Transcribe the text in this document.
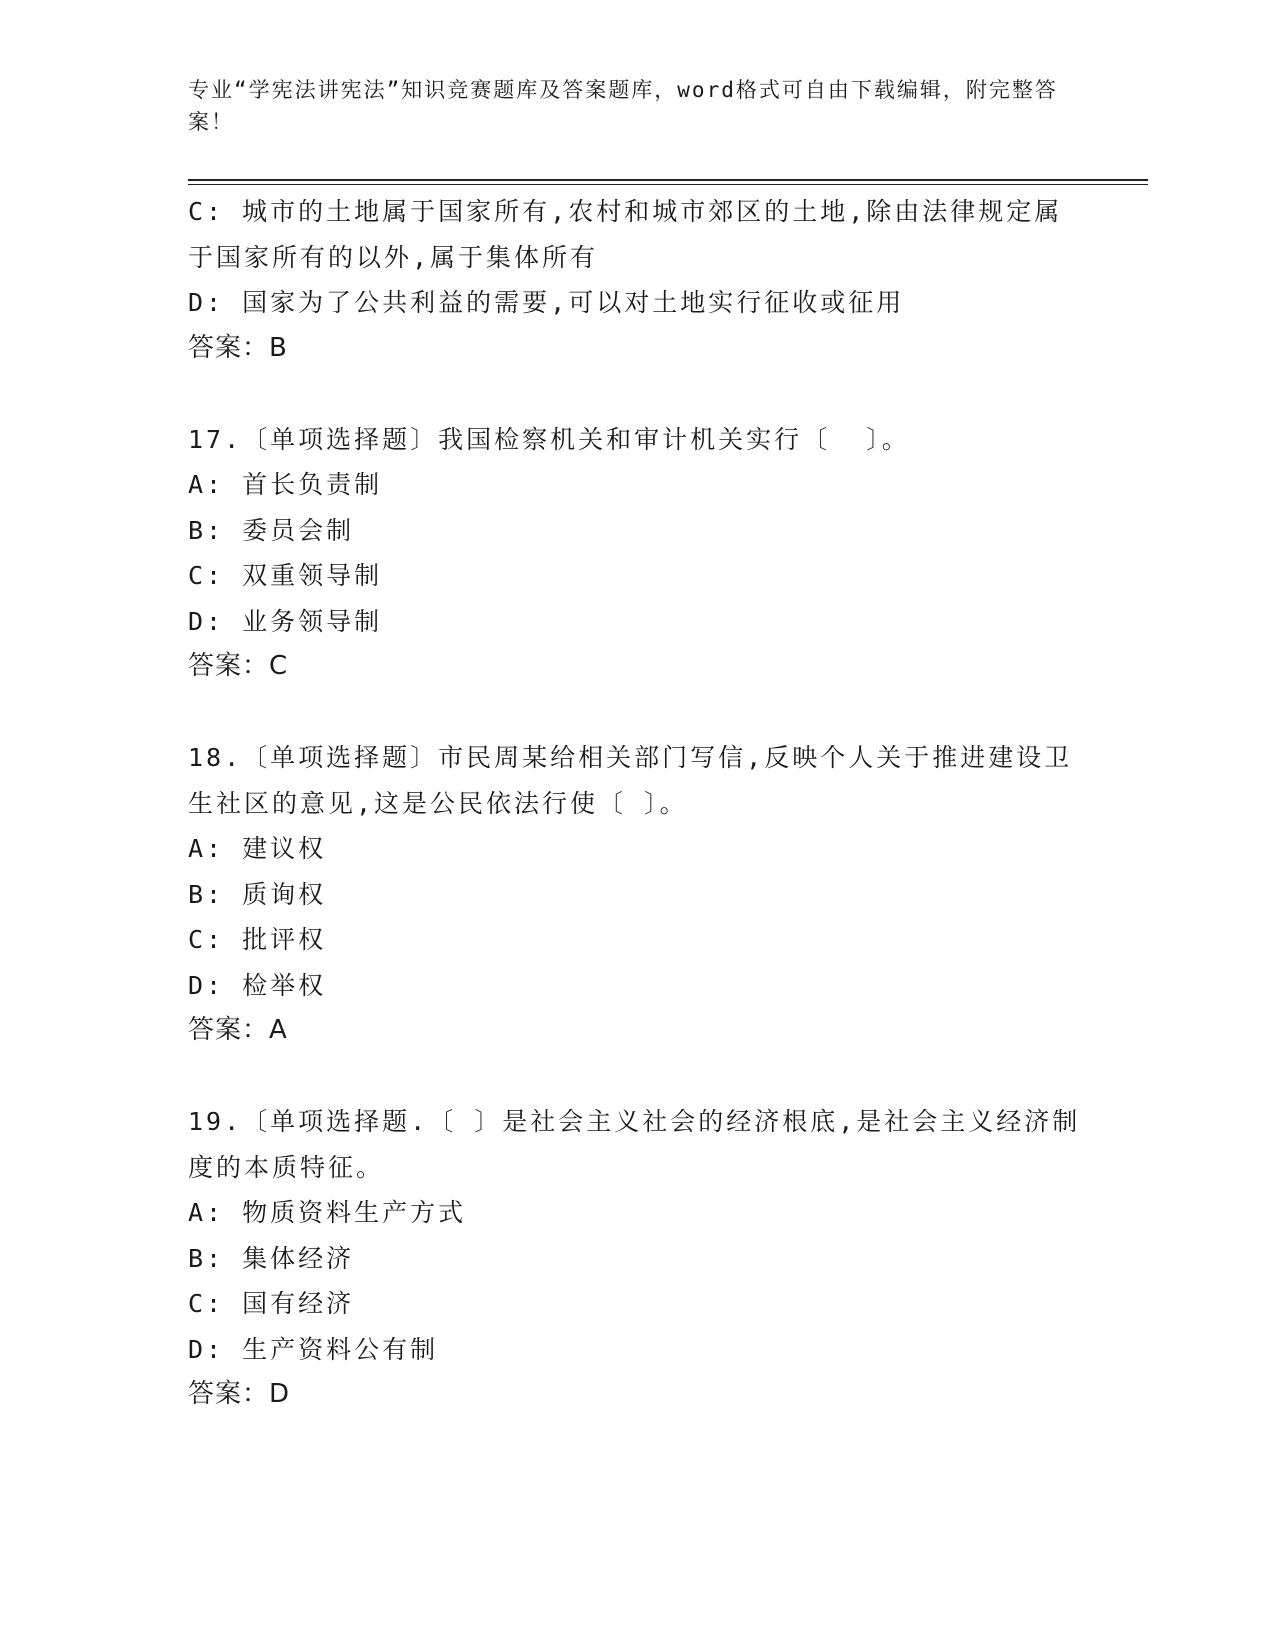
专业“学宪法讲宪法”知识竞赛题库及答案题库，word格式可自由下载编辑，附完整答案！
C: 城市的土地属于国家所有,农村和城市郊区的土地,除由法律规定属于国家所有的以外,属于集体所有
D: 国家为了公共利益的需要,可以对土地实行征收或征用
答案：B
17.〔单项选择题〕我国检察机关和审计机关实行〔  〕。
A: 首长负责制
B: 委员会制
C: 双重领导制
D: 业务领导制
答案：C
18.〔单项选择题〕市民周某给相关部门写信,反映个人关于推进建设卫生社区的意见,这是公民依法行使〔 〕。
A: 建议权
B: 质询权
C: 批评权
D: 检举权
答案：A
19.〔单项选择题.〔 〕是社会主义社会的经济根底,是社会主义经济制度的本质特征。
A: 物质资料生产方式
B: 集体经济
C: 国有经济
D: 生产资料公有制
答案：D
